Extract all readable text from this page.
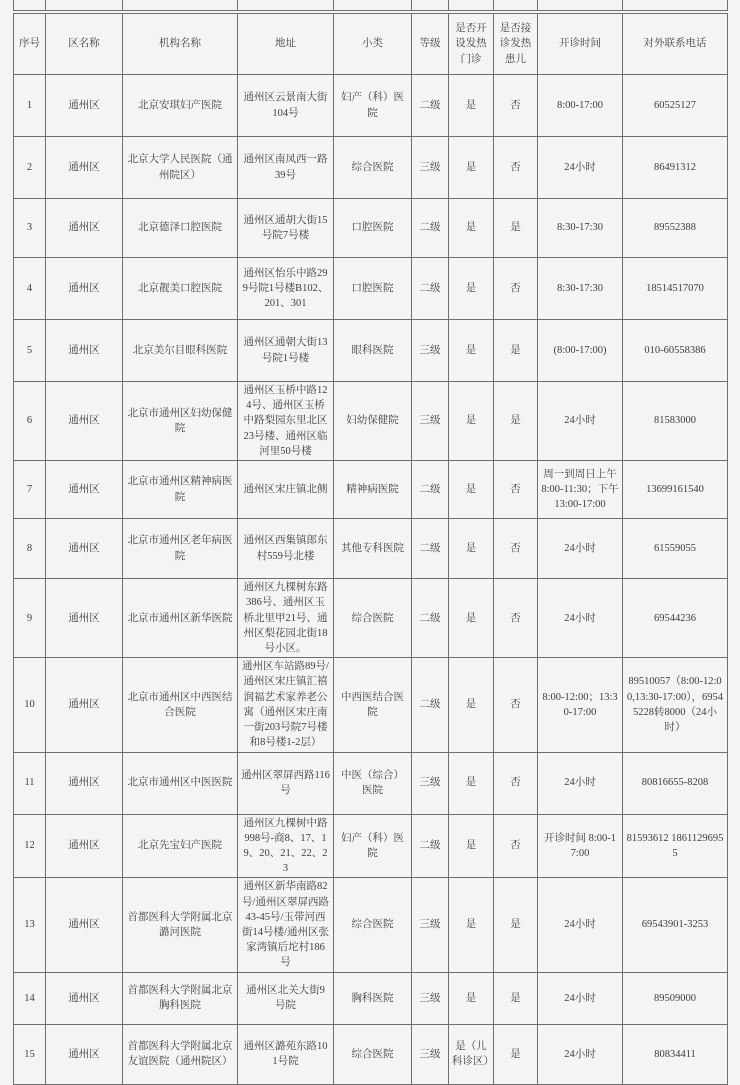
序号	区名称	机构名称	地址	小类	等级	是否开设发热门诊	是否接诊发热患儿	开诊时间	对外联系电话
1	通州区	北京安琪妇产医院	通州区云景南大街104号	妇产（科）医院	二级	是	否	8:00-17:00	60525127
2	通州区	北京大学人民医院（通州院区）	通州区南凤西一路39号	综合医院	三级	是	否	24小时	86491312
3	通州区	北京德泽口腔医院	通州区通胡大街15号院7号楼	口腔医院	二级	是	是	8:30-17:30	89552388
4	通州区	北京靓美口腔医院	通州区怡乐中路299号院1号楼B102、201、301	口腔医院	二级	是	否	8:30-17:30	18514517070
5	通州区	北京美尔目眼科医院	通州区通朝大街13号院1号楼	眼科医院	三级	是	是	(8:00-17:00)	010-60558386
6	通州区	北京市通州区妇幼保健院	通州区玉桥中路124号、通州区玉桥中路梨园东里北区23号楼、通州区临河里50号楼	妇幼保健院	三级	是	是	24小时	81583000
7	通州区	北京市通州区精神病医院	通州区宋庄镇北侧	精神病医院	二级	是	否	周一到周日上午8:00-11:30；下午13:00-17:00	13699161540
8	通州区	北京市通州区老年病医院	通州区西集镇郎东村559号北楼	其他专科医院	二级	是	否	24小时	61559055
9	通州区	北京市通州区新华医院	通州区九棵树东路386号、通州区玉桥北里甲21号、通州区梨花园北街18号小区。	综合医院	二级	是	否	24小时	69544236
10	通州区	北京市通州区中西医结合医院	通州区车站路89号/通州区宋庄镇汇禧润福艺术家养老公寓（通州区宋庄南一街203号院7号楼和8号楼1-2层）	中西医结合医院	二级	是	否	8:00-12:00；13:30-17:00	89510057（8:00-12:00,13:30-17:00），69545228转8000（24小时）
11	通州区	北京市通州区中医医院	通州区翠屏西路116号	中医（综合）医院	三级	是	否	24小时	80816655-8208
12	通州区	北京先宝妇产医院	通州区九棵树中路998号-商8、17、19、20、21、22、23	妇产（科）医院	二级	是	否	开诊时间 8:00-17:00	81593612 18611296955
13	通州区	首都医科大学附属北京潞河医院	通州区新华南路82号/通州区翠屏西路43-45号/玉带河西街14号楼/通州区张家湾镇后坨村186号	综合医院	三级	是	是	24小时	69543901-3253
14	通州区	首都医科大学附属北京胸科医院	通州区北关大街9号院	胸科医院	三级	是	是	24小时	89509000
15	通州区	首都医科大学附属北京友谊医院（通州院区）	通州区潞苑东路101号院	综合医院	三级	是（儿科诊区）	是	24小时	80834411
